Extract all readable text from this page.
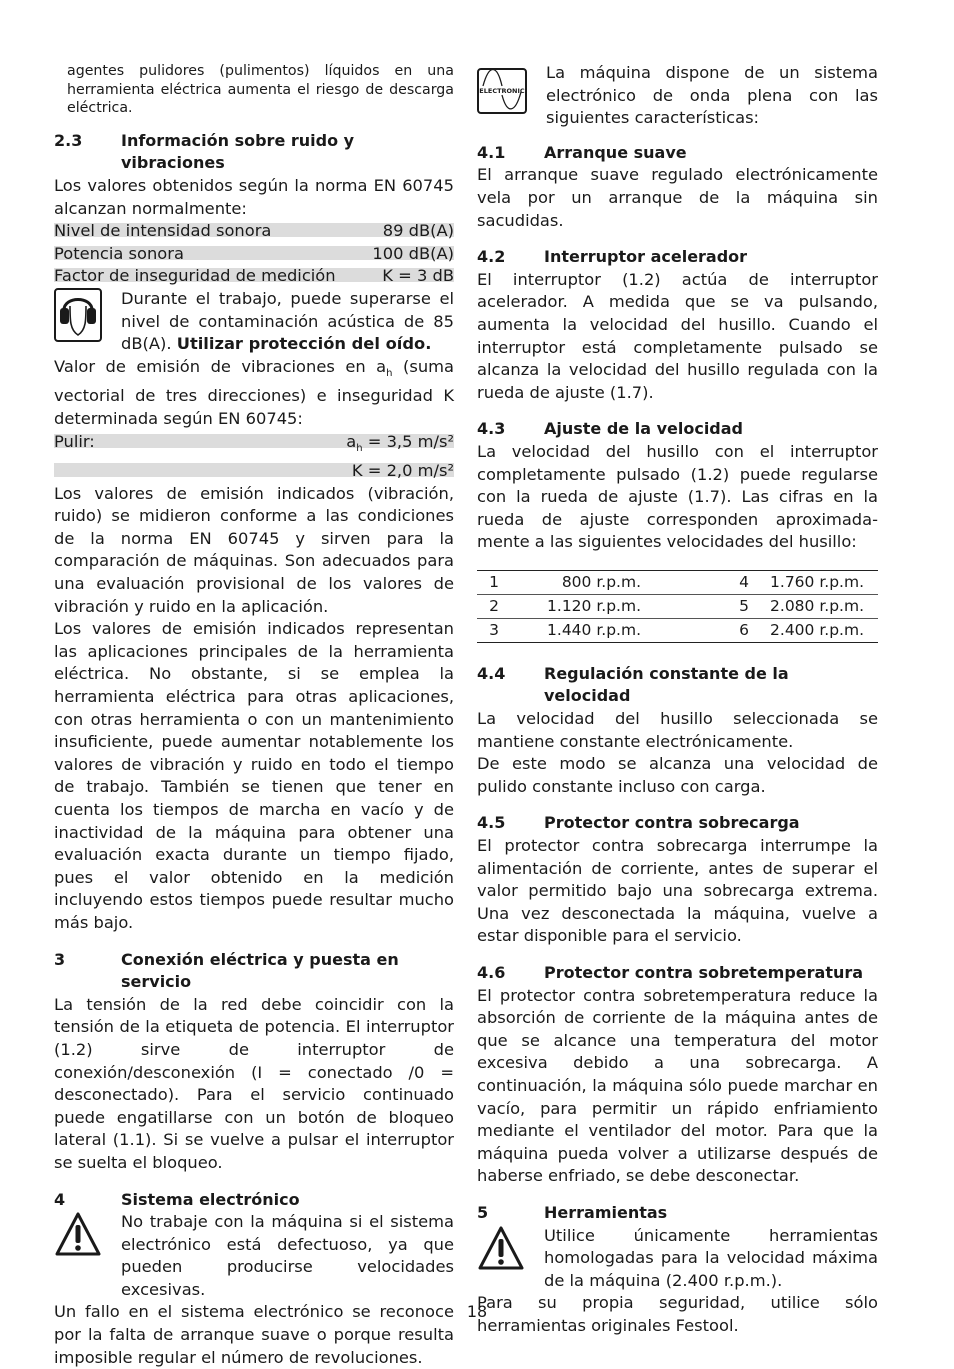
agentes pulidores (pulimentos) líquidos en una herramienta eléctrica aumenta el riesgo de descarga eléctrica.

2.3	Información sobre ruido y vibraciones

Los valores obtenidos según la norma EN 60745 alcanzan normalmente:

Nivel de intensidad sonora	89 dB(A)
Potencia sonora	100 dB(A)
Factor de inseguridad de medición	K = 3 dB

Durante el trabajo, puede superarse el nivel de contaminación acústica de 85 dB(A). Utilizar protección del oído.

Valor de emisión de vibraciones en $a_h$ (suma vectorial de tres direcciones) e inseguridad K determinada según EN 60745:

Pulir:	$a_h = 3,5$ m/s²
K = 2,0 m/s²

Los valores de emisión indicados (vibración, ruido) se midieron conforme a las condiciones de la norma EN 60745 y sirven para la comparación de máquinas. Son adecuados para una evaluación provisional de los valores de vibración y ruido en la aplicación.

Los valores de emisión indicados representan las aplicaciones principales de la herramienta eléctrica. No obstante, si se emplea la herramienta eléctrica para otras aplicaciones, con otras herramienta o con un mantenimiento insuficiente, puede aumentar notablemente los valores de vibración y ruido en todo el tiempo de trabajo. También se tienen que tener en cuenta los tiempos de marcha en vacío y de inactividad de la máquina para obtener una evaluación exacta durante un tiempo fijado, pues el valor obtenido en la medición incluyendo estos tiempos puede resultar mucho más bajo.

3	Conexión eléctrica y puesta en servicio

La tensión de la red debe coincidir con la tensión de la etiqueta de potencia. El interruptor (1.2) sirve de interruptor de conexión/desconexión (I = conectado /0 = desconectado). Para el servicio continuado puede engatillarse con un botón de bloqueo lateral (1.1). Si se vuelve a pulsar el interruptor se suelta el bloqueo.

4	Sistema electrónico

No trabaje con la máquina si el sistema electrónico está defectuoso, ya que pueden producirse velocidades excesivas.

Un fallo en el sistema electrónico se reconoce por la falta de arranque suave o porque resulta imposible regular el número de revoluciones.

ELECTRONIC

La máquina dispone de un sistema electrónico de onda plena con las siguientes características:

4.1	Arranque suave

El arranque suave regulado electrónicamente vela por un arranque de la máquina sin sacudidas.

4.2	Interruptor acelerador

El interruptor (1.2) actúa de interruptor acelerador. A medida que se va pulsando, aumenta la velocidad del husillo. Cuando el interruptor está completamente pulsado se alcanza la velocidad del husillo regulada con la rueda de ajuste (1.7).

4.3	Ajuste de la velocidad

La velocidad del husillo con el interruptor completamente pulsado (1.2) puede regularse con la rueda de ajuste (1.7). Las cifras en la rueda de ajuste corresponden aproximada-mente a las siguientes velocidades del husillo:

1	800 r.p.m.	4	1.760 r.p.m.
2	1.120 r.p.m.	5	2.080 r.p.m.
3	1.440 r.p.m.	6	2.400 r.p.m.
4.4	Regulación constante de la velocidad

La velocidad del husillo seleccionada se mantiene constante electrónicamente.

De este modo se alcanza una velocidad de pulido constante incluso con carga.

4.5	Protector contra sobrecarga

El protector contra sobrecarga interrumpe la alimentación de corriente, antes de superar el valor permitido bajo una sobrecarga extrema. Una vez desconectada la máquina, vuelve a estar disponible para el servicio.

4.6	Protector contra sobretemperatura

El protector contra sobretemperatura reduce la absorción de corriente de la máquina antes de que se alcance una temperatura del motor excesiva debido a una sobrecarga. A continuación, la máquina sólo puede marchar en vacío, para permitir un rápido enfriamiento mediante el ventilador del motor. Para que la máquina pueda volver a utilizarse después de haberse enfriado, se debe desconectar.

5	Herramientas

Utilice únicamente herramientas homologadas para la velocidad máxima de la máquina (2.400 r.p.m.).

Para su propia seguridad, utilice sólo herramientas originales Festool.

18
